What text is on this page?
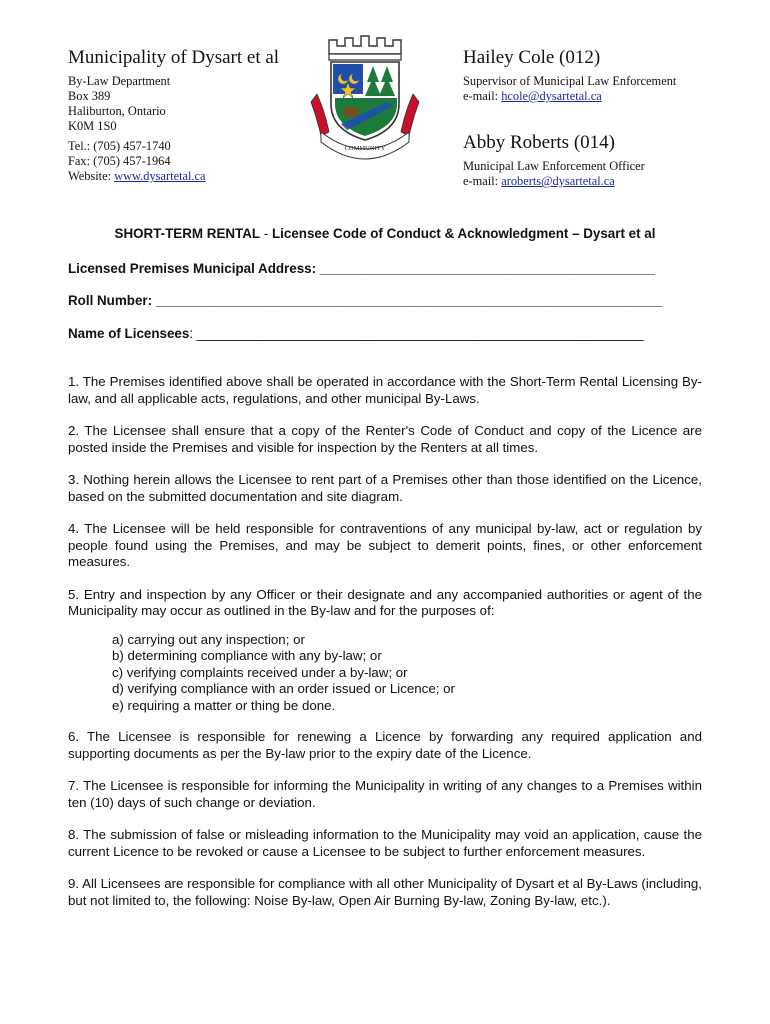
Municipality of Dysart et al
By-Law Department
Box 389
Haliburton, Ontario
K0M 1S0
Tel.: (705) 457-1740
Fax: (705) 457-1964
Website: www.dysartetal.ca
COMMUNITY
Hailey Cole (012)
Supervisor of Municipal Law Enforcement
e-mail: hcole@dysartetal.ca
Abby Roberts (014)
Municipal Law Enforcement Officer
e-mail: aroberts@dysartetal.ca
SHORT-TERM RENTAL - Licensee Code of Conduct & Acknowledgment – Dysart et al
Licensed Premises Municipal Address: _____________________________________________
Roll Number: ____________________________________________________________________
Name of Licensees: ____________________________________________________________

1. The Premises identified above shall be operated in accordance with the Short-Term Rental Licensing By-law, and all applicable acts, regulations, and other municipal By-Laws.

2. The Licensee shall ensure that a copy of the Renter's Code of Conduct and copy of the Licence are posted inside the Premises and visible for inspection by the Renters at all times.

3. Nothing herein allows the Licensee to rent part of a Premises other than those identified on the Licence, based on the submitted documentation and site diagram.

4. The Licensee will be held responsible for contraventions of any municipal by-law, act or regulation by people found using the Premises, and may be subject to demerit points, fines, or other enforcement measures.

5. Entry and inspection by any Officer or their designate and any accompanied authorities or agent of the Municipality may occur as outlined in the By-law and for the purposes of:

a) carrying out any inspection; or
b) determining compliance with any by-law; or
c) verifying complaints received under a by-law; or
d) verifying compliance with an order issued or Licence; or
e) requiring a matter or thing be done.

6. The Licensee is responsible for renewing a Licence by forwarding any required application and supporting documents as per the By-law prior to the expiry date of the Licence.

7. The Licensee is responsible for informing the Municipality in writing of any changes to a Premises within ten (10) days of such change or deviation.

8. The submission of false or misleading information to the Municipality may void an application, cause the current Licence to be revoked or cause a Licensee to be subject to further enforcement measures.

9. All Licensees are responsible for compliance with all other Municipality of Dysart et al By-Laws (including, but not limited to, the following: Noise By-law, Open Air Burning By-law, Zoning By-law, etc.).
